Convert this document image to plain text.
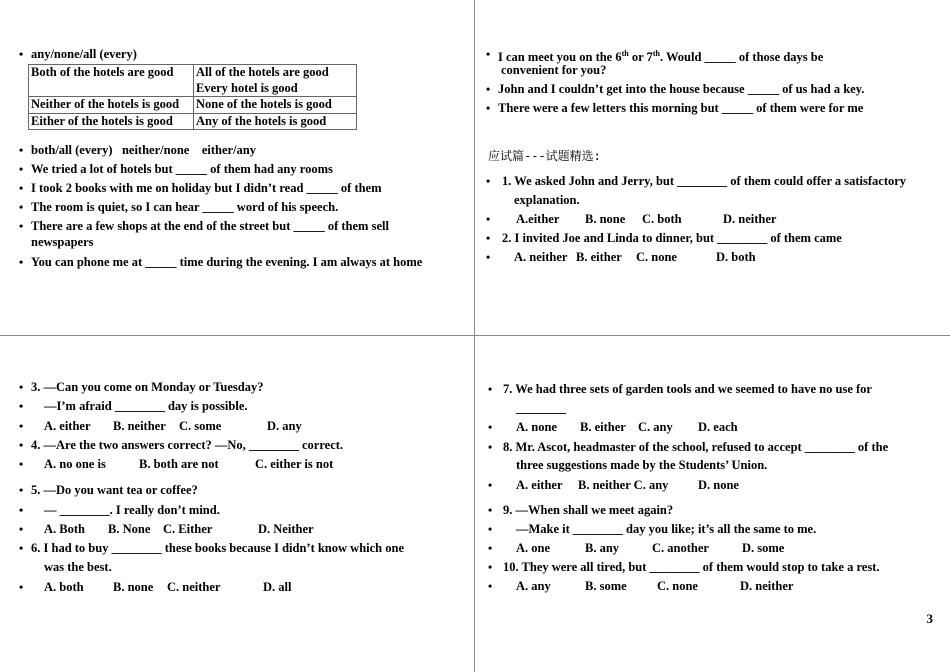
• any/none/all (every)
Both of the hotels are good	All of the hotels are good
Every hotel is good

Neither of the hotels is good	None of the hotels is good
Either of the hotels is good	Any of the hotels is good
• both/all (every)   neither/none    either/any
• We tried a lot of hotels but _____ of them had any rooms
• I took 2 books with me on holiday but I didn’t read _____ of them
• The room is quiet, so I can hear _____ word of his speech.
• There are a few shops at the end of the street but _____ of them sell
newspapers
• You can phone me at _____ time during the evening. I am always at home
• I can meet you on the 6th or 7th. Would _____ of those days be
convenient for you?
• John and I couldn’t get into the house because _____ of us had a key.
• There were a few letters this morning but _____ of them were for me
应试篇---试题精选:
• 1. We asked John and Jerry, but ________ of them could offer a satisfactory
explanation.
•	A.either B. none C. both	D. neither
• 2. I invited Joe and Linda to dinner, but ________ of them came
•	A. neither B. either C. none	D. both
• 3. —Can you come on Monday or Tuesday?
•	—I’m afraid ________ day is possible.
•	A. either B. neither C. some	D. any
• 4. —Are the two answers correct? —No, ________ correct.
•	A. no one is	B. both are not	C. either is not
• 5. —Do you want tea or coffee?
•	— ________. I really don’t mind.
•	A. Both B. None C. Either	D. Neither
• 6. I had to buy ________ these books because I didn’t know which one
was the best.
•	A. both B. none C. neither	D. all
• 7. We had three sets of garden tools and we seemed to have no use for
________
•	A. none B. either C. any D. each
• 8. Mr. Ascot, headmaster of the school, refused to accept ________ of the
three suggestions made by the Students’ Union.
•	A. either B. neither C. any D. none
• 9. —When shall we meet again?
•	—Make it ________ day you like; it’s all the same to me.
•	A. one	B. any	C. another	D. some
• 10. They were all tired, but ________ of them would stop to take a rest.
•	A. any	B. some C. none	D. neither
3
